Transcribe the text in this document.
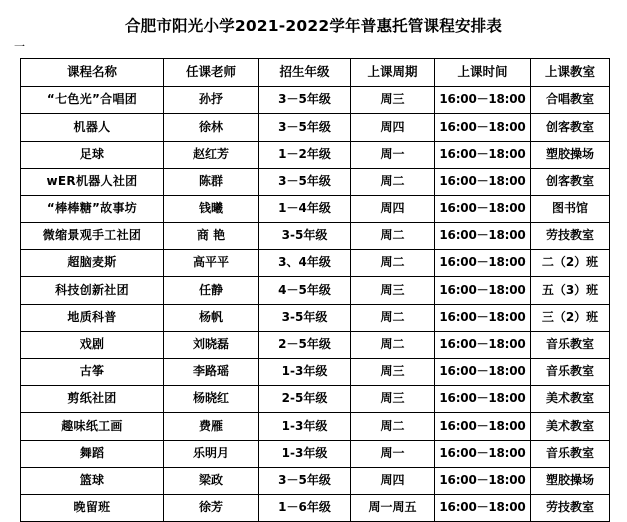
合肥市阳光小学2021-2022学年普惠托管课程安排表
一
课程名称	任课老师	招生年级	上课周期	上课时间	上课教室
“七色光”合唱团	孙抒	3－5年级	周三	16:00－18:00	合唱教室
机器人	徐林	3－5年级	周四	16:00－18:00	创客教室
足球	赵红芳	1－2年级	周一	16:00－18:00	塑胶操场
wER机器人社团	陈群	3－5年级	周二	16:00－18:00	创客教室
“棒棒糖”故事坊	钱曦	1－4年级	周四	16:00－18:00	图书馆
微缩景观手工社团	商 艳	3-5年级	周二	16:00－18:00	劳技教室
超脑麦斯	高平平	3、4年级	周二	16:00－18:00	二（2）班
科技创新社团	任静	4－5年级	周三	16:00－18:00	五（3）班
地质科普	杨帆	3-5年级	周二	16:00－18:00	三（2）班
戏剧	刘晓磊	2－5年级	周二	16:00－18:00	音乐教室
古筝	李路瑶	1-3年级	周三	16:00－18:00	音乐教室
剪纸社团	杨晓红	2-5年级	周三	16:00－18:00	美术教室
趣味纸工画	费雁	1-3年级	周二	16:00－18:00	美术教室
舞蹈	乐明月	1-3年级	周一	16:00－18:00	音乐教室
篮球	梁政	3－5年级	周四	16:00－18:00	塑胶操场
晚留班	徐芳	1－6年级	周一周五	16:00－18:00	劳技教室
